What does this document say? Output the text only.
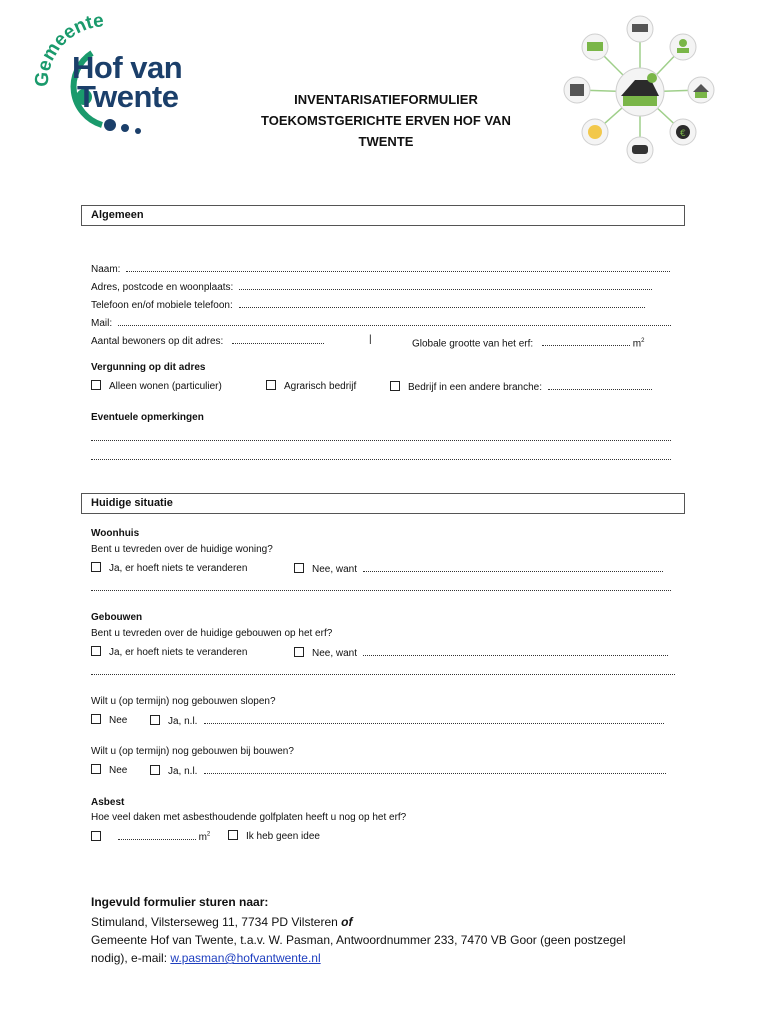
Gemeente
Hof van
Twente	INVENTARISATIEFORMULIER
TOEKOMSTGERICHTE ERVEN HOF VAN
TWENTE	€
Algemeen
Naam:
Adres, postcode en woonplaats:
Telefoon en/of mobiele telefoon:
Mail:
Aantal bewoners op dit adres:	|	Globale grootte van het erf:	$m^2$
Vergunning op dit adres
Alleen wonen (particulier)	Agrarisch bedrijf	Bedrijf in een andere branche:
Eventuele opmerkingen
Huidige situatie
Woonhuis
Bent u tevreden over de huidige woning?
Ja, er hoeft niets te veranderen	Nee, want
Gebouwen
Bent u tevreden over de huidige gebouwen op het erf?
Ja, er hoeft niets te veranderen	Nee, want
Wilt u (op termijn) nog gebouwen slopen?
Nee	Ja, n.l.
Wilt u (op termijn) nog gebouwen bij bouwen?
Nee	Ja, n.l.
Asbest
Hoe veel daken met asbesthoudende golfplaten heeft u nog op het erf?
$m^2$	Ik heb geen idee
Ingevuld formulier sturen naar:
Stimuland, Vilsterseweg 11, 7734 PD Vilsteren of
Gemeente Hof van Twente, t.a.v. W. Pasman, Antwoordnummer 233, 7470 VB Goor (geen postzegel
nodig), e-mail: w.pasman@hofvantwente.nl
